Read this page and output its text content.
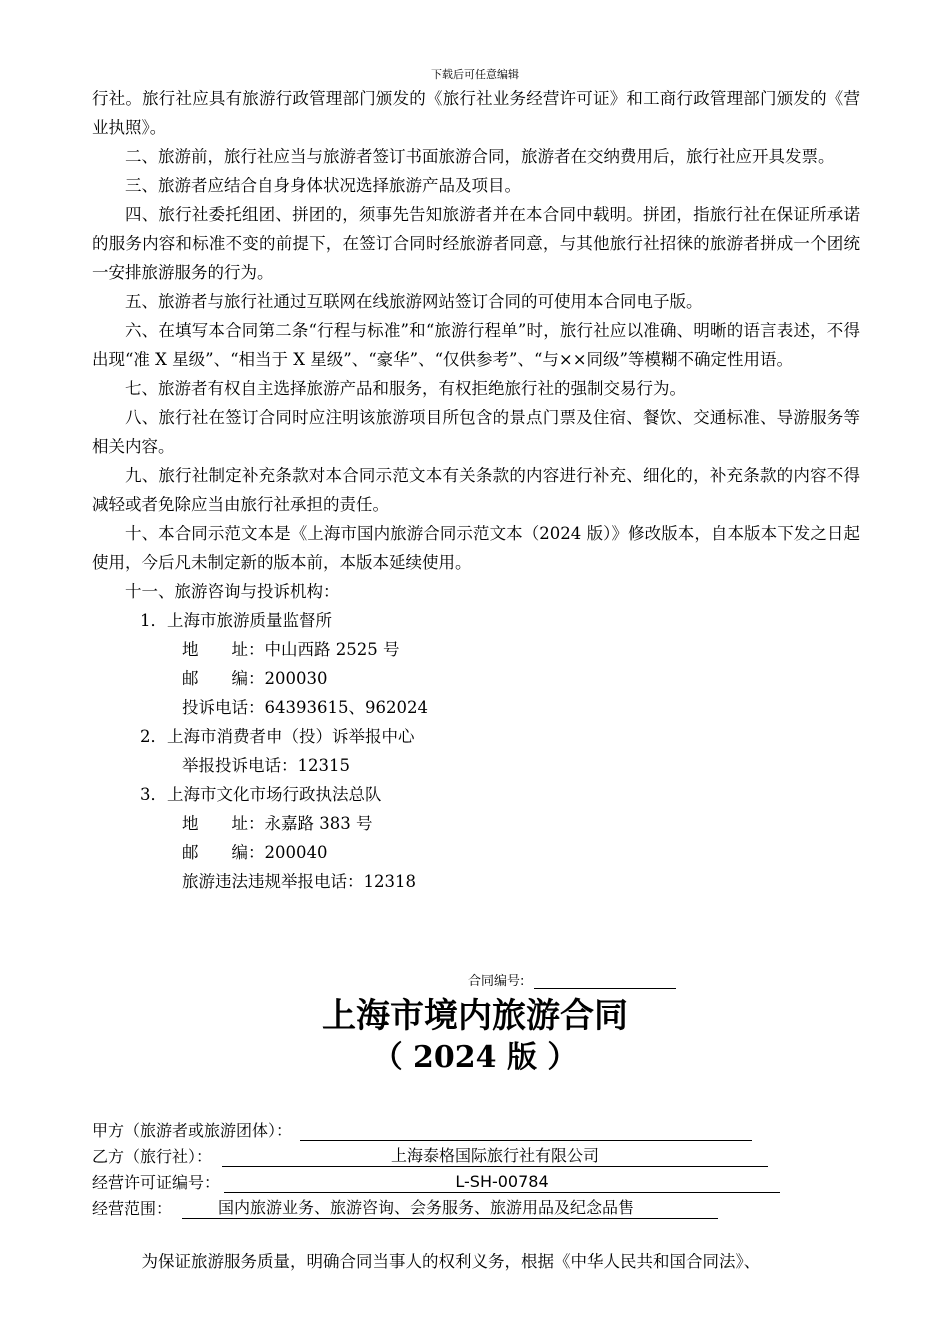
下载后可任意编辑

行社。旅行社应具有旅游行政管理部门颁发的《旅行社业务经营许可证》和工商行政管理部门颁发的《营业执照》。

二、旅游前，旅行社应当与旅游者签订书面旅游合同，旅游者在交纳费用后，旅行社应开具发票。

三、旅游者应结合自身身体状况选择旅游产品及项目。

四、旅行社委托组团、拼团的，须事先告知旅游者并在本合同中载明。拼团，指旅行社在保证所承诺的服务内容和标准不变的前提下，在签订合同时经旅游者同意，与其他旅行社招徕的旅游者拼成一个团统一安排旅游服务的行为。

五、旅游者与旅行社通过互联网在线旅游网站签订合同的可使用本合同电子版。

六、在填写本合同第二条“行程与标准”和“旅游行程单”时，旅行社应以准确、明晰的语言表述，不得出现“准 X 星级”、“相当于 X 星级”、“豪华”、“仅供参考”、“与××同级”等模糊不确定性用语。

七、旅游者有权自主选择旅游产品和服务，有权拒绝旅行社的强制交易行为。

八、旅行社在签订合同时应注明该旅游项目所包含的景点门票及住宿、餐饮、交通标准、导游服务等相关内容。

九、旅行社制定补充条款对本合同示范文本有关条款的内容进行补充、细化的，补充条款的内容不得减轻或者免除应当由旅行社承担的责任。

十、本合同示范文本是《上海市国内旅游合同示范文本（2024 版）》修改版本，自本版本下发之日起使用，今后凡未制定新的版本前，本版本延续使用。

十一、旅游咨询与投诉机构：

1．上海市旅游质量监督所

地　　址：中山西路 2525 号

邮　　编：200030

投诉电话：64393615、962024

2．上海市消费者申（投）诉举报中心

举报投诉电话：12315

3．上海市文化市场行政执法总队

地　　址：永嘉路 383 号

邮　　编：200040

旅游违法违规举报电话：12318

合同编号:
上海市境内旅游合同
（ 2024 版 ）
甲方（旅游者或旅游团体）：
乙方（旅行社）：	上海泰格国际旅行社有限公司
经营许可证编号：	L-SH-00784
经营范围：	国内旅游业务、旅游咨询、会务服务、旅游用品及纪念品售
为保证旅游服务质量，明确合同当事人的权利义务，根据《中华人民共和国合同法》、
